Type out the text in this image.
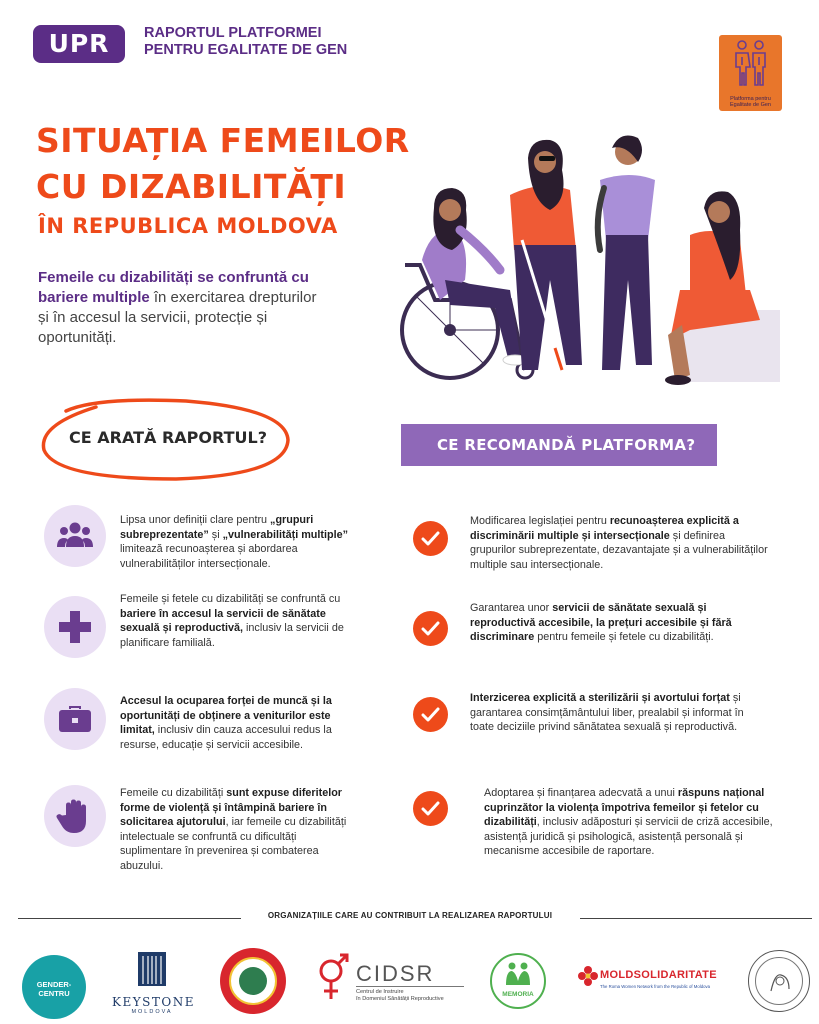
UPR	RAPORTUL PLATFORMEI
PENTRU EGALITATE DE GEN
Platforma pentru
Egalitate de Gen
SITUAȚIA FEMEILOR
CU DIZABILITĂȚI
ÎN REPUBLICA MOLDOVA
Femeile cu dizabilități se confruntă cu bariere multiple în exercitarea drepturilor și în accesul la servicii, protecție și oportunități.
CE ARATĂ RAPORTUL?	CE RECOMANDĂ PLATFORMA?
Lipsa unor definiții clare pentru „grupuri subreprezentate” și „vulnerabilități multiple” limitează recunoașterea și abordarea vulnerabilităților intersecționale.
Femeile și fetele cu dizabilități se confruntă cu bariere în accesul la servicii de sănătate sexuală și reproductivă, inclusiv la servicii de planificare familială.
Accesul la ocuparea forței de muncă și la oportunități de obținere a veniturilor este limitat, inclusiv din cauza accesului redus la resurse, educație și servicii accesibile.
Femeile cu dizabilități sunt expuse diferitelor forme de violență și întâmpină bariere în solicitarea ajutorului, iar femeile cu dizabilități intelectuale se confruntă cu dificultăți suplimentare în prevenirea și combaterea abuzului.
Modificarea legislației pentru recunoașterea explicită a discriminării multiple și intersecționale și definirea grupurilor subreprezentate, dezavantajate și a vulnerabilităților multiple sau intersecționale.
Garantarea unor servicii de sănătate sexuală și reproductivă accesibile, la prețuri accesibile și fără discriminare pentru femeile și fetele cu dizabilități.
Interzicerea explicită a sterilizării și avortului forțat și garantarea consimțământului liber, prealabil și informat în toate deciziile privind sănătatea sexuală și reproductivă.
Adoptarea și finanțarea adecvată a unui răspuns național cuprinzător la violența împotriva femeilor și fetelor cu dizabilități, inclusiv adăposturi și servicii de criză accesibile, asistență juridică și psihologică, asistență personală și mecanisme accesibile de raportare.
ORGANIZAȚIILE CARE AU CONTRIBUIT LA REALIZAREA RAPORTULUI
GENDER-CENTRU
KEYSTONE
MOLDOVA
CIDSR
Centrul de Instruire
în Domeniul Sănătății Reproductive
MEMORIA
MOLDSOLIDARITATE
The Roma Women Network from the Republic of Moldova
